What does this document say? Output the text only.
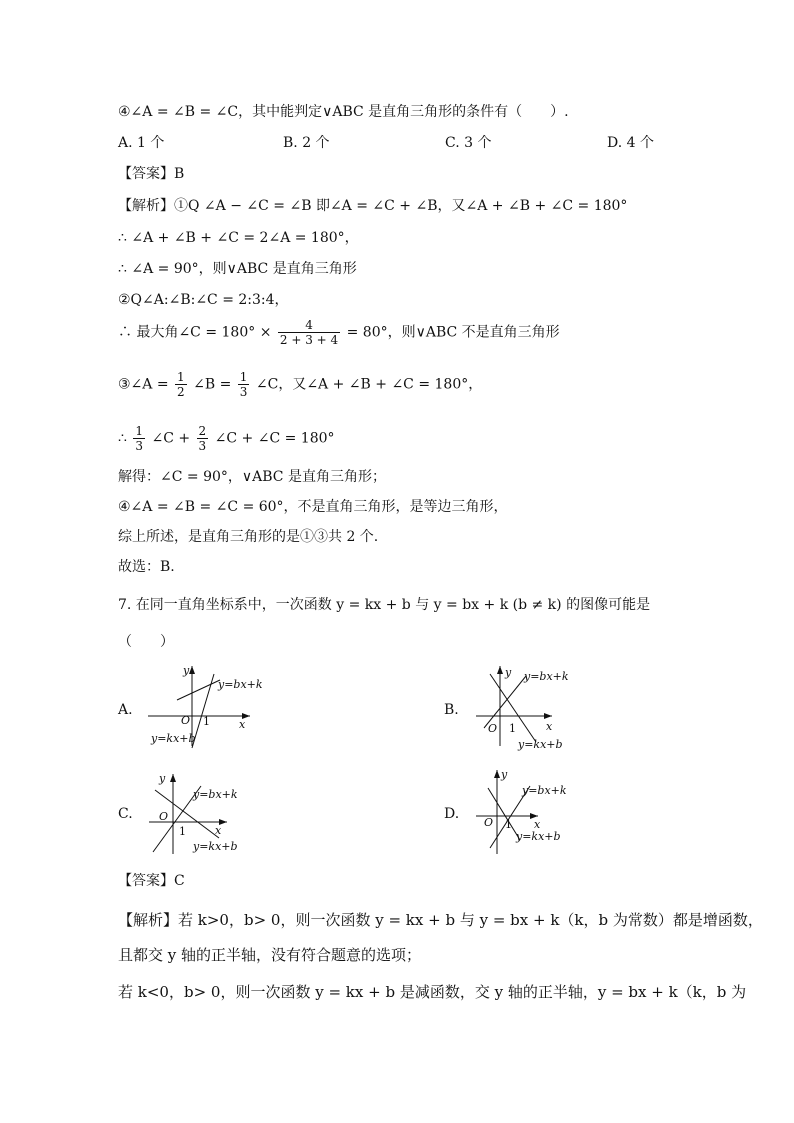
④∠A = ∠B = ∠C，其中能判定∨ABC 是直角三角形的条件有（　　）.
A. 1 个	B. 2 个	C. 3 个	D. 4 个
【答案】B
【解析】①Q ∠A − ∠C = ∠B 即∠A = ∠C + ∠B，又∠A + ∠B + ∠C = 180°
∴ ∠A + ∠B + ∠C = 2∠A = 180°，
∴ ∠A = 90°，则∨ABC 是直角三角形
②Q∠A:∠B:∠C = 2:3:4，
∴ 最大角∠C = $180^\circ \times \frac{4}{2 + 3 + 4} = 80^\circ$，则∨ABC 不是直角三角形
③∠A = $\frac{1}{2}$ ∠B = $\frac{1}{3}$ ∠C，又∠A + ∠B + ∠C = 180°，
∴ $\frac{1}{3}$ ∠C + $\frac{2}{3}$ ∠C + ∠C = 180°
解得：∠C = 90°，∨ABC 是直角三角形；
④∠A = ∠B = ∠C = 60°，不是直角三角形，是等边三角形，
综上所述，是直角三角形的是①③共 2 个.
故选：B.
7. 在同一直角坐标系中，一次函数 y = kx + b 与 y = bx + k (b ≠ k) 的图像可能是
（　　）
A.	B.
C.	D.
y
x
O 1
y=bx+k
y=kx+b
y
x
O 1
y=bx+k
y=kx+b
y
x
O
1
y=bx+k
y=kx+b
y
x
O 1
y=bx+k
y=kx+b
【答案】C
【解析】若 k>0，b> 0，则一次函数 y = kx + b 与 y = bx + k（k，b 为常数）都是增函数，
且都交 y 轴的正半轴，没有符合题意的选项；
若 k<0，b> 0，则一次函数 y = kx + b 是减函数，交 y 轴的正半轴，y = bx + k（k，b 为
